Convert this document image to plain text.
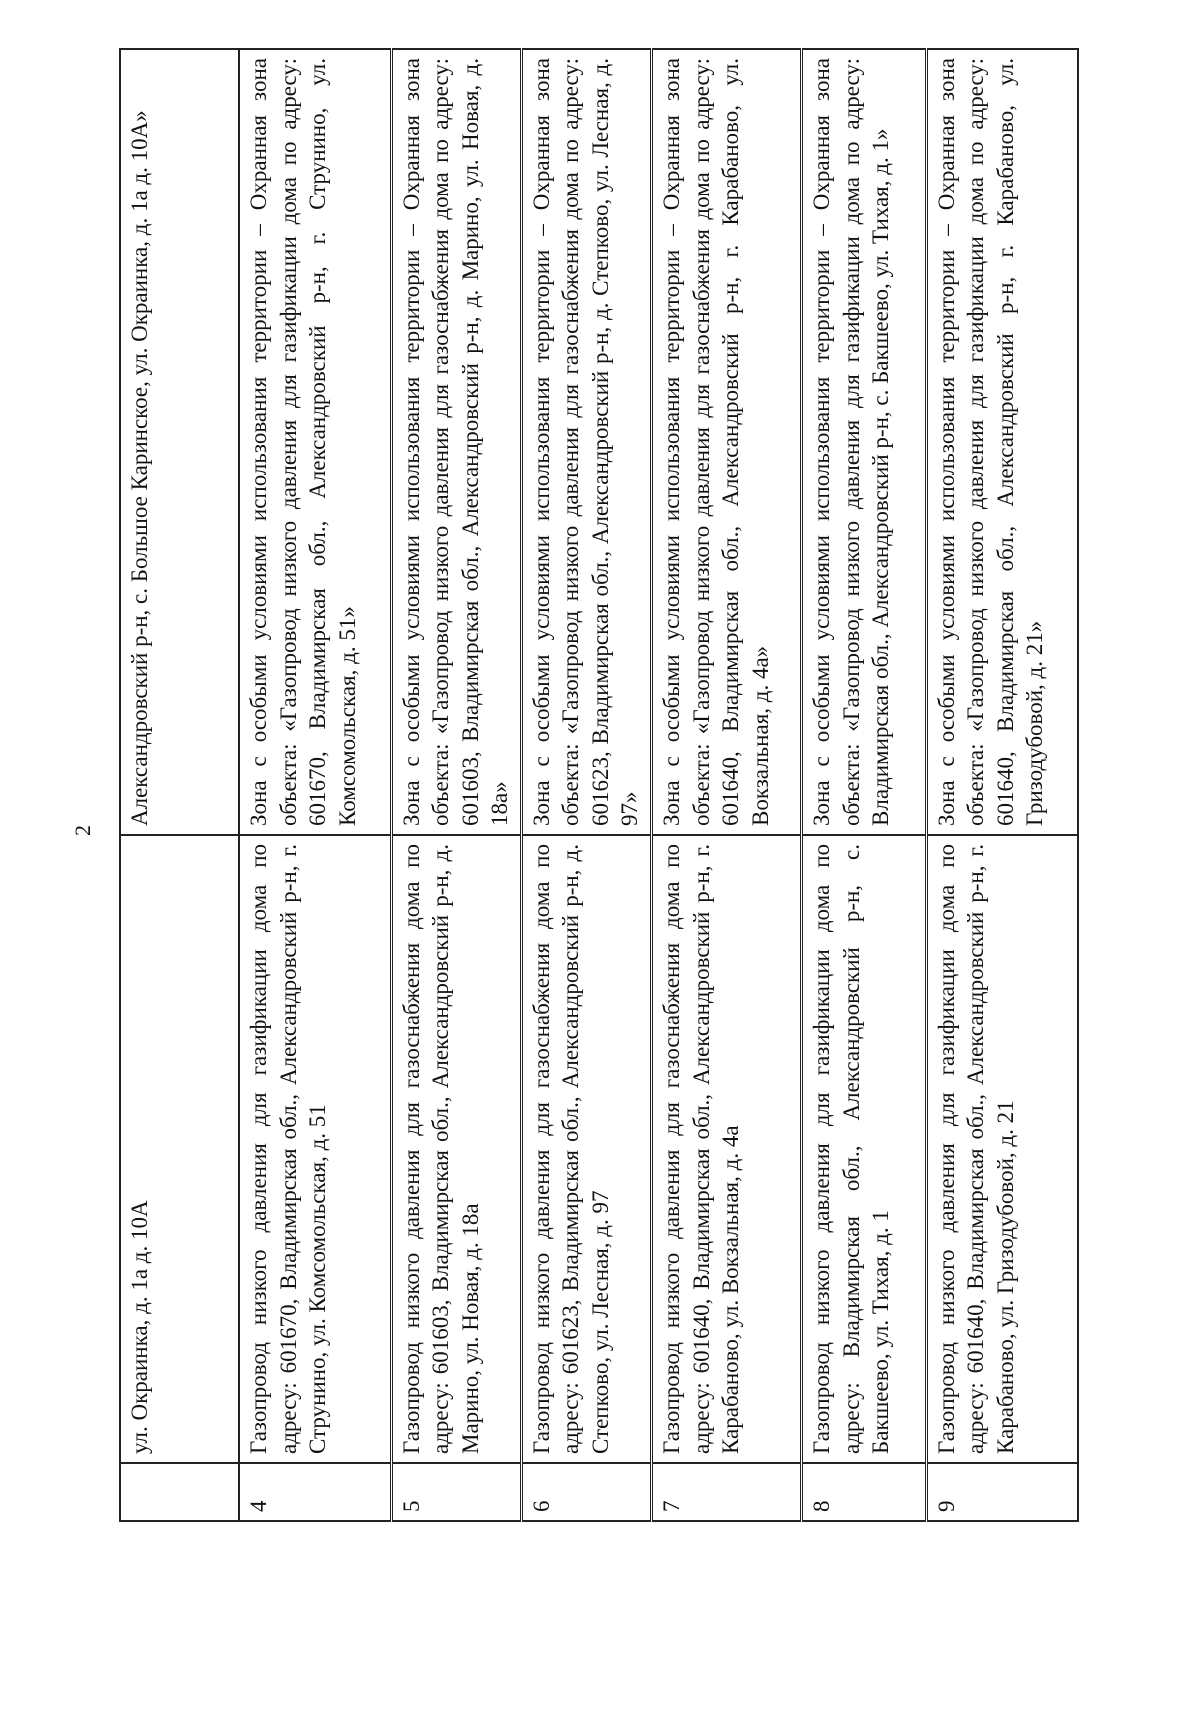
2
	ул. Окраинка, д. 1а д. 10А	Александровский р-н, с. Большое Каринское, ул. Окраинка, д. 1а д. 10А»
4	Газопровод низкого давления для газификации дома по адресу: 601670, Владимирская обл., Александровский р-н, г. Струнино, ул. Комсомольская, д. 51	Зона с особыми условиями использования территории – Охранная зона объекта: «Газопровод низкого давления для газификации дома по адресу: 601670, Владимирская обл., Александровский р-н, г. Струнино, ул. Комсомольская, д. 51»
5	Газопровод низкого давления для газоснабжения дома по адресу: 601603, Владимирская обл., Александровский р-н, д. Марино, ул. Новая, д. 18а	Зона с особыми условиями использования территории – Охранная зона объекта: «Газопровод низкого давления для газоснабжения дома по адресу: 601603, Владимирская обл., Александровский р-н, д. Марино, ул. Новая, д. 18а»
6	Газопровод низкого давления для газоснабжения дома по адресу: 601623, Владимирская обл., Александровский р-н, д. Степково, ул. Лесная, д. 97	Зона с особыми условиями использования территории – Охранная зона объекта: «Газопровод низкого давления для газоснабжения дома по адресу: 601623, Владимирская обл., Александровский р-н, д. Степково, ул. Лесная, д. 97»
7	Газопровод низкого давления для газоснабжения дома по адресу: 601640, Владимирская обл., Александровский р-н, г. Карабаново, ул. Вокзальная, д. 4а	Зона с особыми условиями использования территории – Охранная зона объекта: «Газопровод низкого давления для газоснабжения дома по адресу: 601640, Владимирская обл., Александровский р-н, г. Карабаново, ул. Вокзальная, д. 4а»
8	Газопровод низкого давления для газификации дома по адресу: Владимирская обл., Александровский р-н, с. Бакшеево, ул. Тихая, д. 1	Зона с особыми условиями использования территории – Охранная зона объекта: «Газопровод низкого давления для газификации дома по адресу: Владимирская обл., Александровский р-н, с. Бакшеево, ул. Тихая, д. 1»
9	Газопровод низкого давления для газификации дома по адресу: 601640, Владимирская обл., Александровский р-н, г. Карабаново, ул. Гризодубовой, д. 21	Зона с особыми условиями использования территории – Охранная зона объекта: «Газопровод низкого давления для газификации дома по адресу: 601640, Владимирская обл., Александровский р-н, г. Карабаново, ул. Гризодубовой, д. 21»
